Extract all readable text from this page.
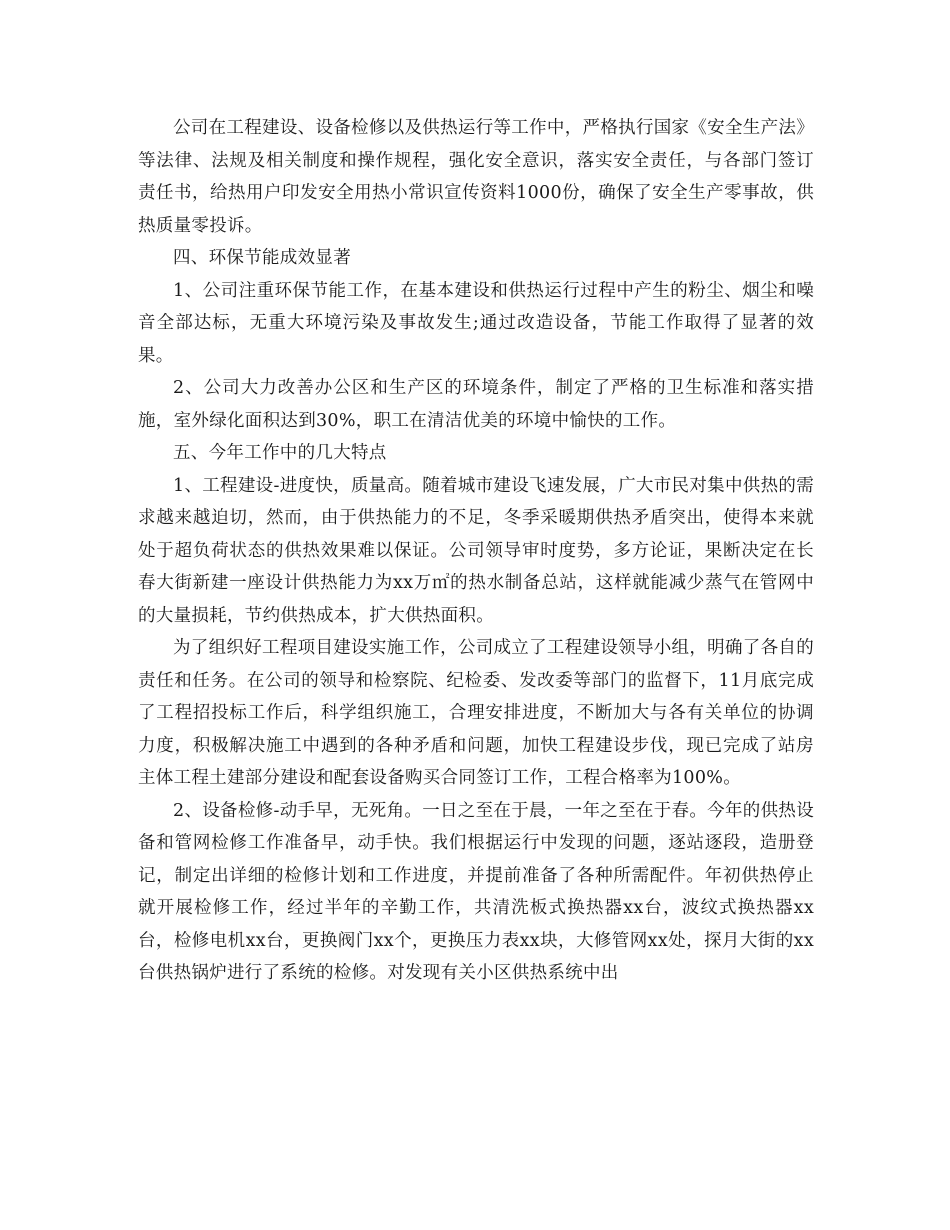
公司在工程建设、设备检修以及供热运行等工作中，严格执行国家《安全生产法》等法律、法规及相关制度和操作规程，强化安全意识，落实安全责任，与各部门签订责任书，给热用户印发安全用热小常识宣传资料1000份，确保了安全生产零事故，供热质量零投诉。

四、环保节能成效显著

1、公司注重环保节能工作，在基本建设和供热运行过程中产生的粉尘、烟尘和噪音全部达标，无重大环境污染及事故发生;通过改造设备，节能工作取得了显著的效果。

2、公司大力改善办公区和生产区的环境条件，制定了严格的卫生标准和落实措施，室外绿化面积达到30%，职工在清洁优美的环境中愉快的工作。

五、今年工作中的几大特点

1、工程建设-进度快，质量高。随着城市建设飞速发展，广大市民对集中供热的需求越来越迫切，然而，由于供热能力的不足，冬季采暖期供热矛盾突出，使得本来就处于超负荷状态的供热效果难以保证。公司领导审时度势，多方论证，果断决定在长春大街新建一座设计供热能力为xx万㎡的热水制备总站，这样就能减少蒸气在管网中的大量损耗，节约供热成本，扩大供热面积。

为了组织好工程项目建设实施工作，公司成立了工程建设领导小组，明确了各自的责任和任务。在公司的领导和检察院、纪检委、发改委等部门的监督下，11月底完成了工程招投标工作后，科学组织施工，合理安排进度，不断加大与各有关单位的协调力度，积极解决施工中遇到的各种矛盾和问题，加快工程建设步伐，现已完成了站房主体工程土建部分建设和配套设备购买合同签订工作，工程合格率为100%。

2、设备检修-动手早，无死角。一日之至在于晨，一年之至在于春。今年的供热设备和管网检修工作准备早，动手快。我们根据运行中发现的问题，逐站逐段，造册登记，制定出详细的检修计划和工作进度，并提前准备了各种所需配件。年初供热停止就开展检修工作，经过半年的辛勤工作，共清洗板式换热器xx台，波纹式换热器xx台，检修电机xx台，更换阀门xx个，更换压力表xx块，大修管网xx处，探月大街的xx台供热锅炉进行了系统的检修。对发现有关小区供热系统中出
